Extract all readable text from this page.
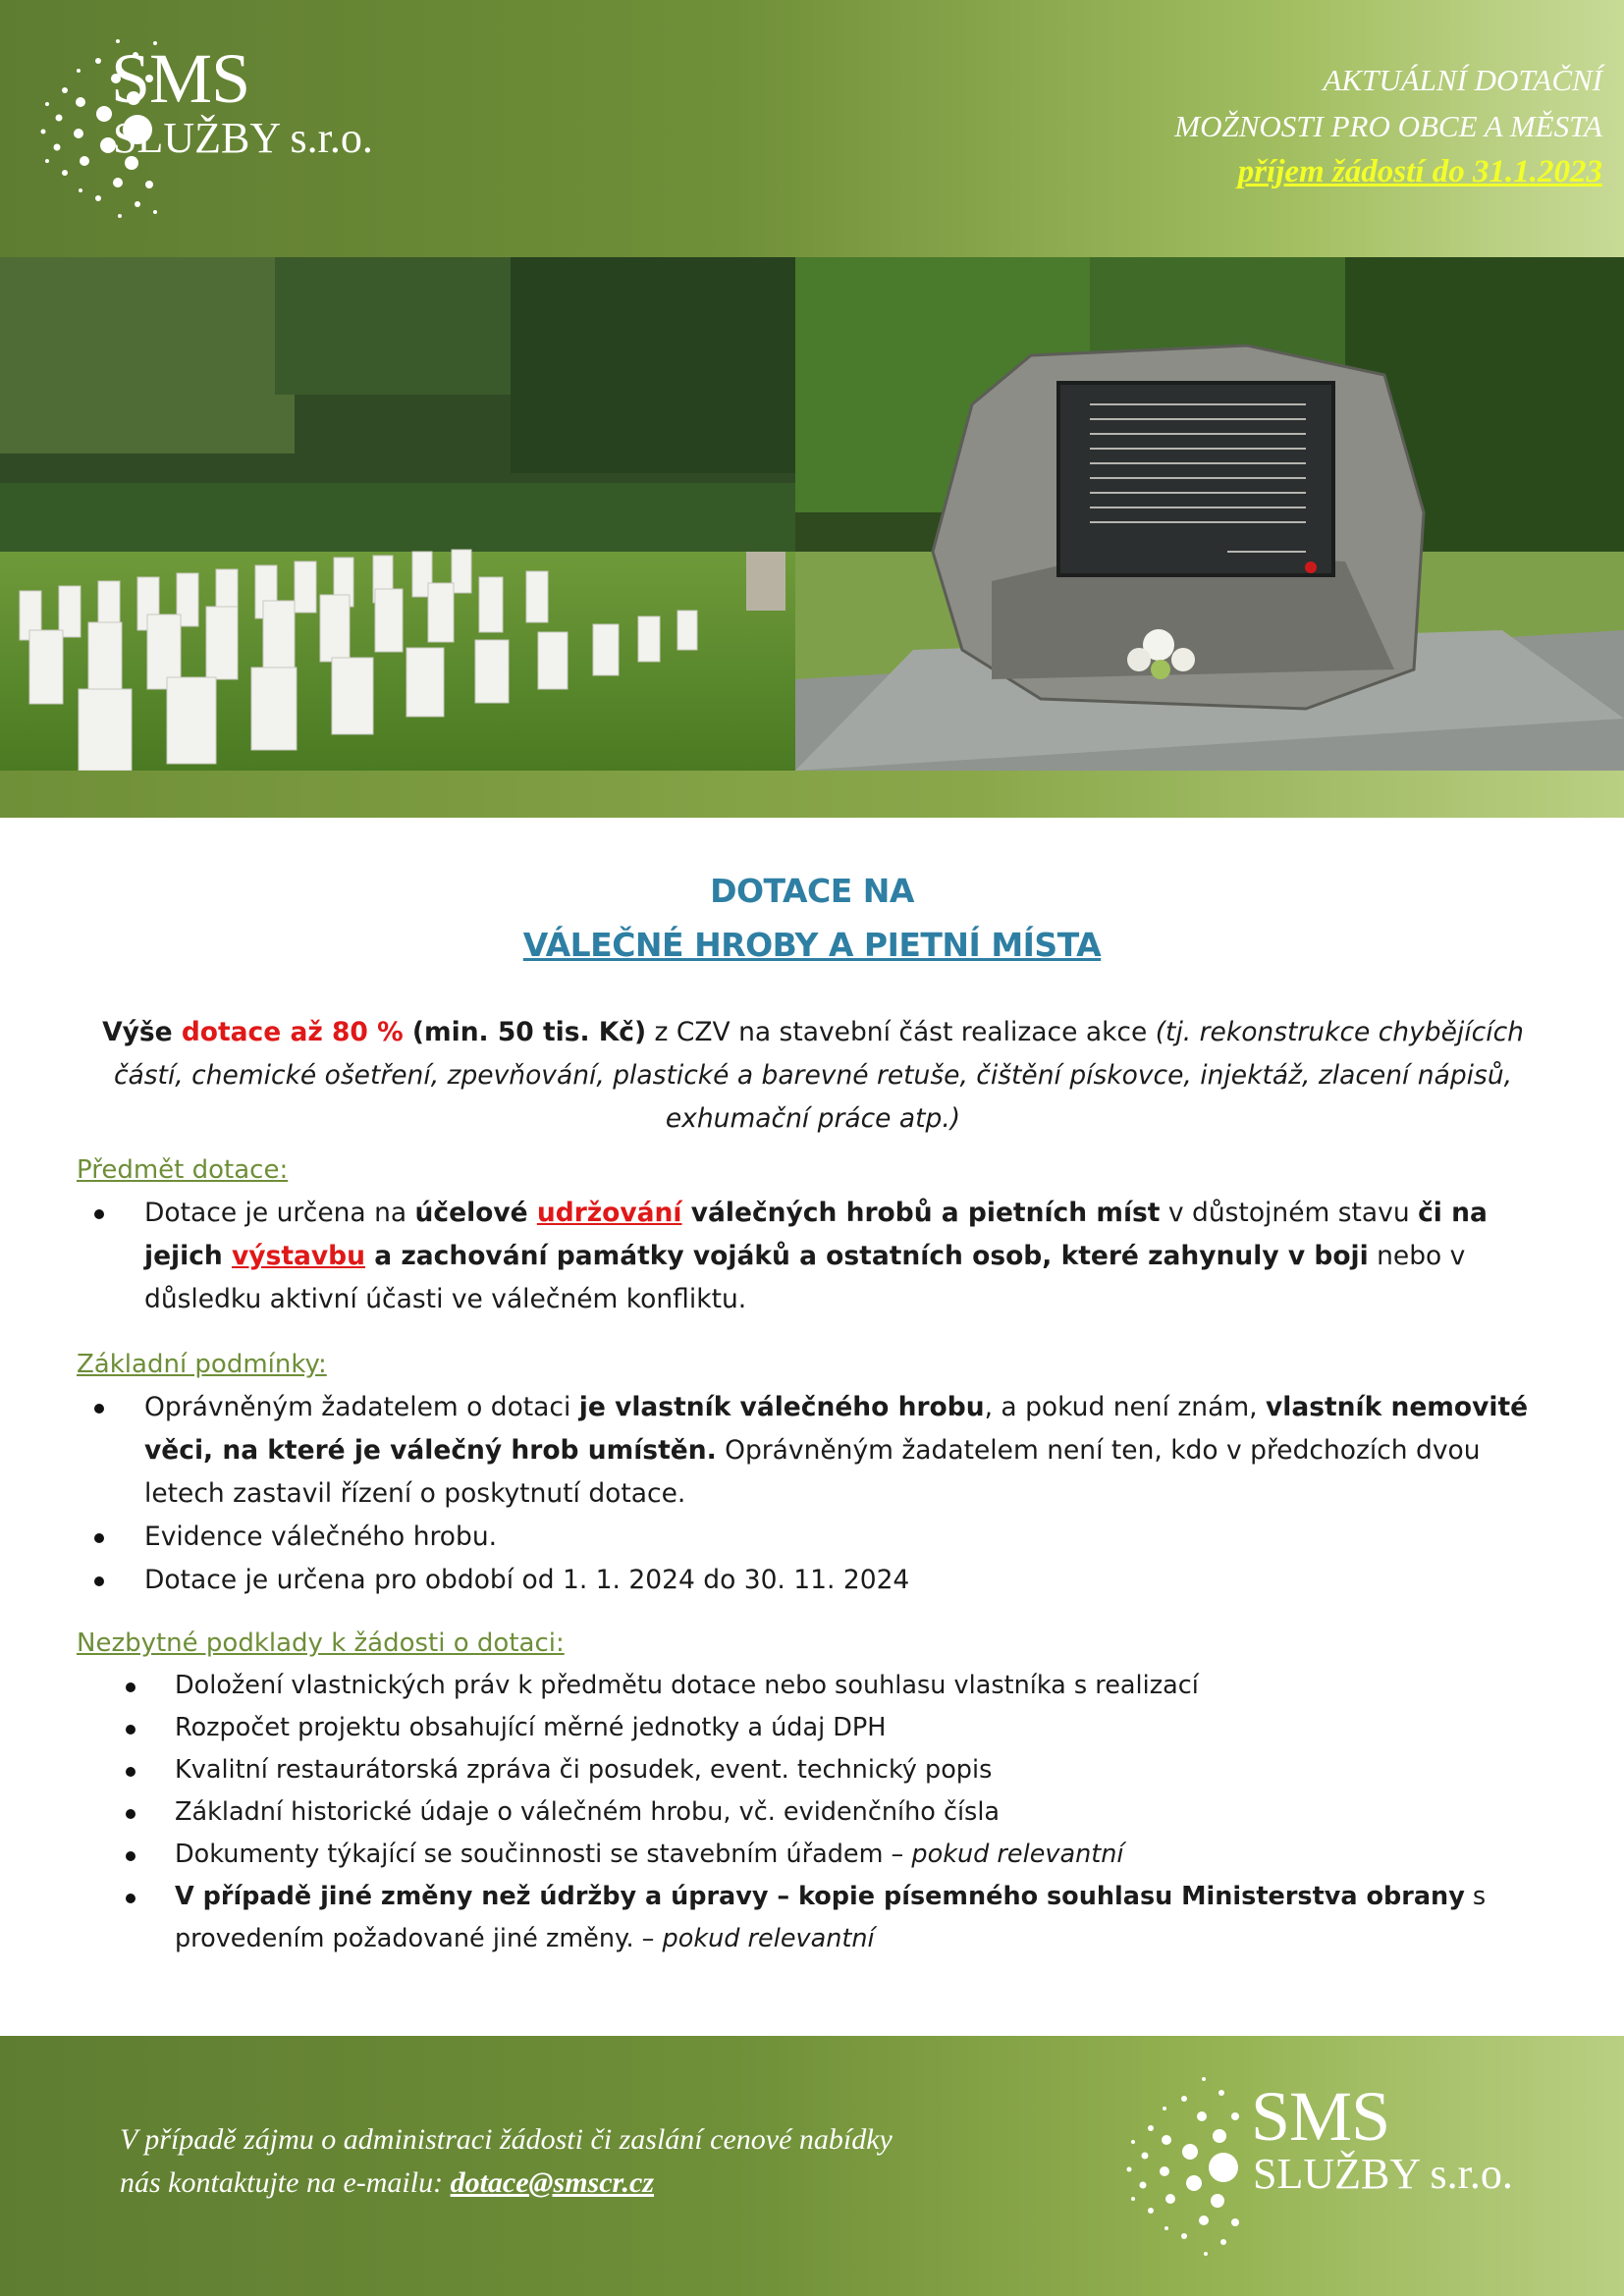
SMS
SLUŽBY s.r.o.
AKTUÁLNÍ DOTAČNÍ
MOŽNOSTI PRO OBCE A MĚSTA
příjem žádostí do 31.1.2023
DOTACE NA
VÁLEČNÉ HROBY A PIETNÍ MÍSTA

Výše dotace až 80 % (min. 50 tis. Kč) z CZV na stavební část realizace akce (tj. rekonstrukce chybějících částí, chemické ošetření, zpevňování, plastické a barevné retuše, čištění pískovce, injektáž, zlacení nápisů, exhumační práce atp.)

Předmět dotace:

Dotace je určena na účelové udržování válečných hrobů a pietních míst v důstojném stavu či na jejich výstavbu a zachování památky vojáků a ostatních osob, které zahynuly v boji nebo v důsledku aktivní účasti ve válečném konfliktu.

Základní podmínky:

Oprávněným žadatelem o dotaci je vlastník válečného hrobu, a pokud není znám, vlastník nemovité věci, na které je válečný hrob umístěn. Oprávněným žadatelem není ten, kdo v předchozích dvou letech zastavil řízení o poskytnutí dotace.
Evidence válečného hrobu.
Dotace je určena pro období od 1. 1. 2024 do 30. 11. 2024

Nezbytné podklady k žádosti o dotaci:

Doložení vlastnických práv k předmětu dotace nebo souhlasu vlastníka s realizací
Rozpočet projektu obsahující měrné jednotky a údaj DPH
Kvalitní restaurátorská zpráva či posudek, event. technický popis
Základní historické údaje o válečném hrobu, vč. evidenčního čísla
Dokumenty týkající se součinnosti se stavebním úřadem – pokud relevantní
V případě jiné změny než údržby a úpravy – kopie písemného souhlasu Ministerstva obrany s provedením požadované jiné změny. – pokud relevantní
V případě zájmu o administraci žádosti či zaslání cenové nabídky
nás kontaktujte na e-mailu: dotace@smscr.cz
SMS
SLUŽBY s.r.o.
